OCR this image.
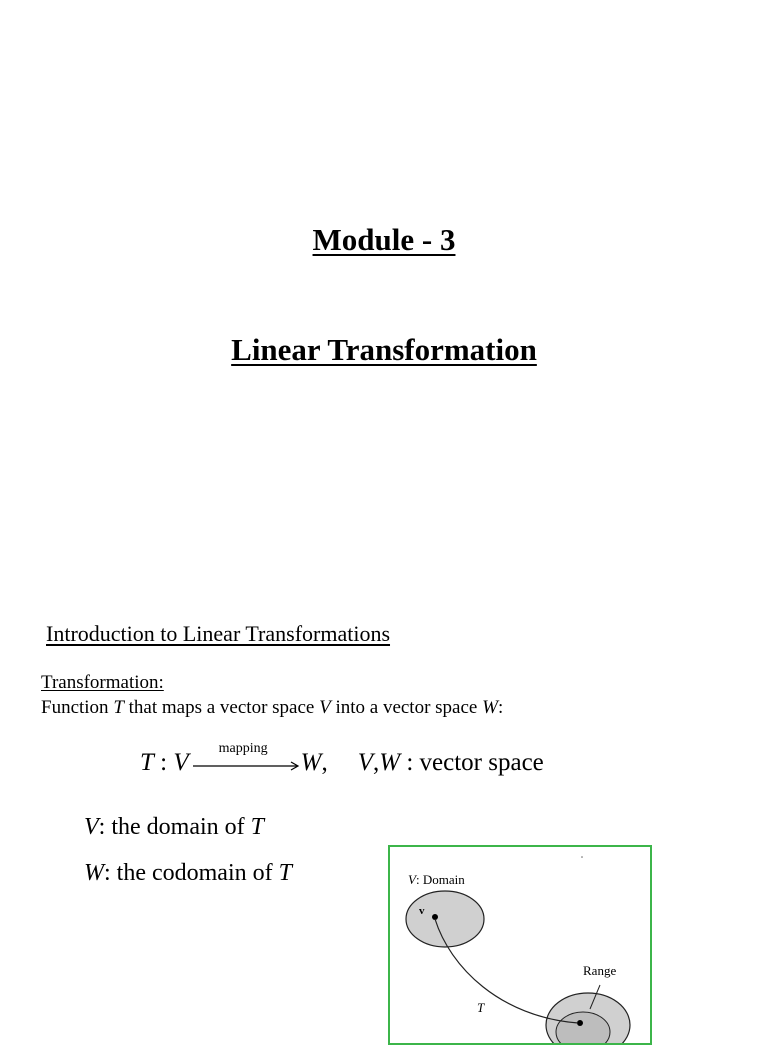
Module - 3
Linear Transformation
Introduction to Linear Transformations
Transformation:
Function T that maps a vector space V into a vector space W:
T : V
mapping
W, V,W : vector space
V: the domain of T
W: the codomain of T	V: Domain
v
Range
T
